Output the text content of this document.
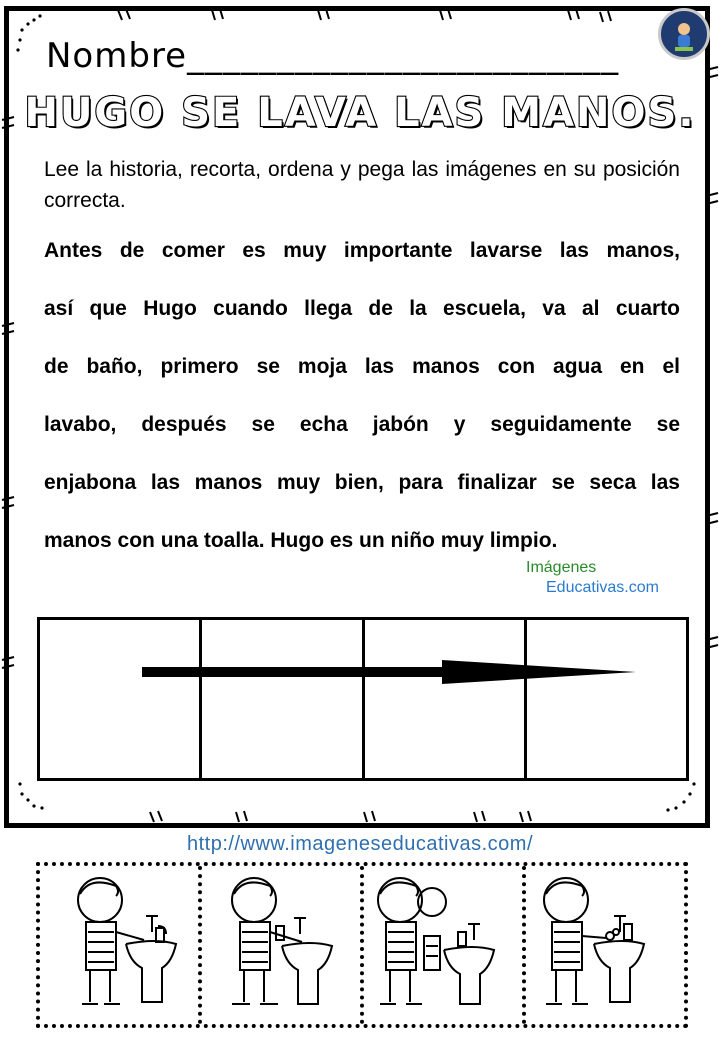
Nombre________________________
HUGO SE LAVA LAS MANOS.
Lee la historia, recorta, ordena y pega las imágenes en su posición correcta.
Antes de comer es muy importante lavarse las manos,
así que Hugo cuando llega de la escuela, va al cuarto
de baño, primero se moja las manos con agua en el
lavabo, después se echa jabón y seguidamente se
enjabona las manos muy bien, para finalizar se seca las
manos con una toalla. Hugo es un niño muy limpio.
Imágenes
Educativas.com
http://www.imageneseducativas.com/
